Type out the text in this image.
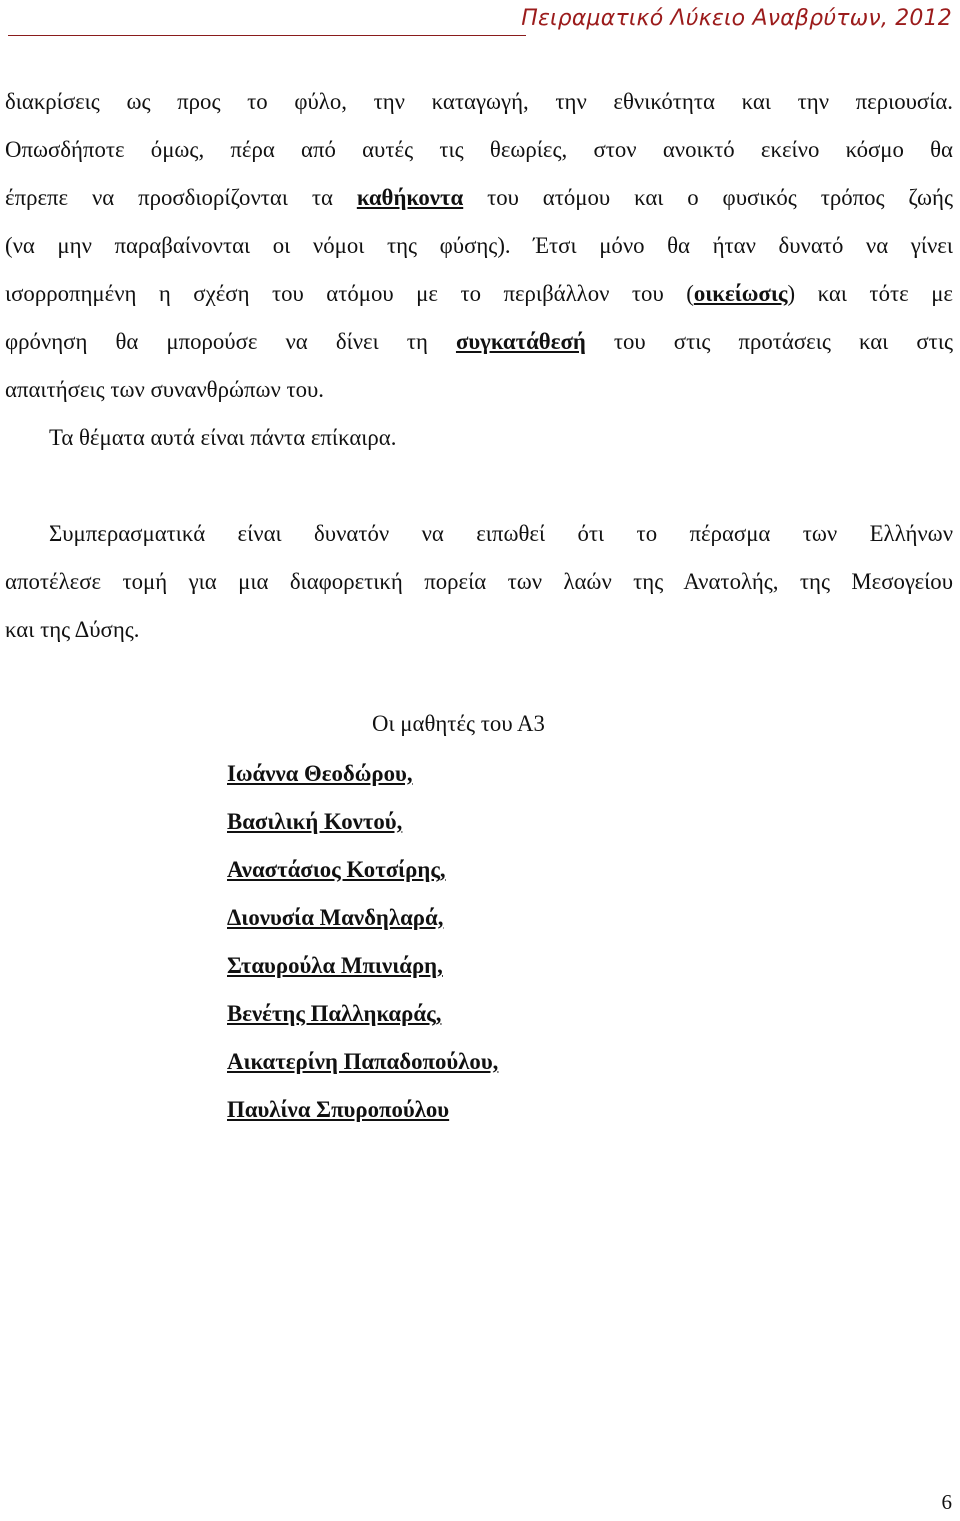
Πειραματικό Λύκειο Αναβρύτων, 2012
διακρίσεις ως προς το φύλο, την καταγωγή, την εθνικότητα και την περιουσία.
Οπωσδήποτε όμως, πέρα από αυτές τις θεωρίες, στον ανοικτό εκείνο κόσμο θα
έπρεπε να προσδιορίζονται τα καθήκοντα του ατόμου και ο φυσικός τρόπος ζωής
(να μην παραβαίνονται οι νόμοι της φύσης). Έτσι μόνο θα ήταν δυνατό να γίνει
ισορροπημένη η σχέση του ατόμου με το περιβάλλον του (οικείωσις) και τότε με
φρόνηση θα μπορούσε να δίνει τη συγκατάθεσή του στις προτάσεις και στις
απαιτήσεις των συνανθρώπων του.
Τα θέματα αυτά είναι πάντα επίκαιρα.
Συμπερασματικά είναι δυνατόν να ειπωθεί ότι το πέρασμα των Ελλήνων
αποτέλεσε τομή για μια διαφορετική πορεία των λαών της Ανατολής, της Μεσογείου
και της Δύσης.
Οι μαθητές του Α3
Ιωάννα Θεοδώρου,
Βασιλική Κοντού,
Αναστάσιος Κοτσίρης,
Διονυσία Μανδηλαρά,
Σταυρούλα Μπινιάρη,
Βενέτης Παλληκαράς,
Αικατερίνη Παπαδοπούλου,
Παυλίνα Σπυροπούλου
6
